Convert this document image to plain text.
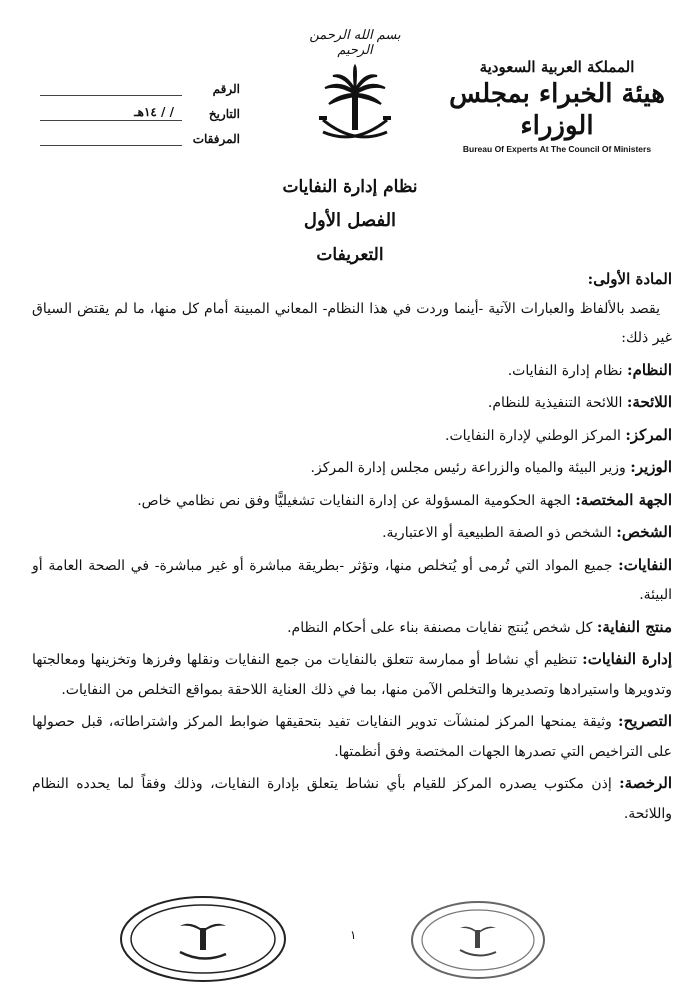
المملكة العربية السعودية
هيئة الخبراء بمجلس الوزراء
Bureau Of Experts At The Council Of Ministers
بسم الله الرحمن الرحيم
الرقم
التاريخ
/ / ١٤هـ
المرفقات
نظام إدارة النفايات
الفصل الأول
التعريفات
المادة الأولى:
يقصد بالألفاظ والعبارات الآتية -أينما وردت في هذا النظام- المعاني المبينة أمام كل منها، ما لم يقتض السياق غير ذلك:
النظام: نظام إدارة النفايات.
اللائحة: اللائحة التنفيذية للنظام.
المركز: المركز الوطني لإدارة النفايات.
الوزير: وزير البيئة والمياه والزراعة رئيس مجلس إدارة المركز.
الجهة المختصة: الجهة الحكومية المسؤولة عن إدارة النفايات تشغيليًّا وفق نص نظامي خاص.
الشخص: الشخص ذو الصفة الطبيعية أو الاعتبارية.
النفايات: جميع المواد التي تُرمى أو يُتخلص منها، وتؤثر -بطريقة مباشرة أو غير مباشرة- في الصحة العامة أو البيئة.
منتج النفاية: كل شخص يُنتج نفايات مصنفة بناء على أحكام النظام.
إدارة النفايات: تنظيم أي نشاط أو ممارسة تتعلق بالنفايات من جمع النفايات ونقلها وفرزها وتخزينها ومعالجتها وتدويرها واستيرادها وتصديرها والتخلص الآمن منها، بما في ذلك العناية اللاحقة بمواقع التخلص من النفايات.
التصريح: وثيقة يمنحها المركز لمنشآت تدوير النفايات تفيد بتحقيقها ضوابط المركز واشتراطاته، قبل حصولها على التراخيص التي تصدرها الجهات المختصة وفق أنظمتها.
الرخصة: إذن مكتوب يصدره المركز للقيام بأي نشاط يتعلق بإدارة النفايات، وذلك وفقاً لما يحدده النظام واللائحة.
١
